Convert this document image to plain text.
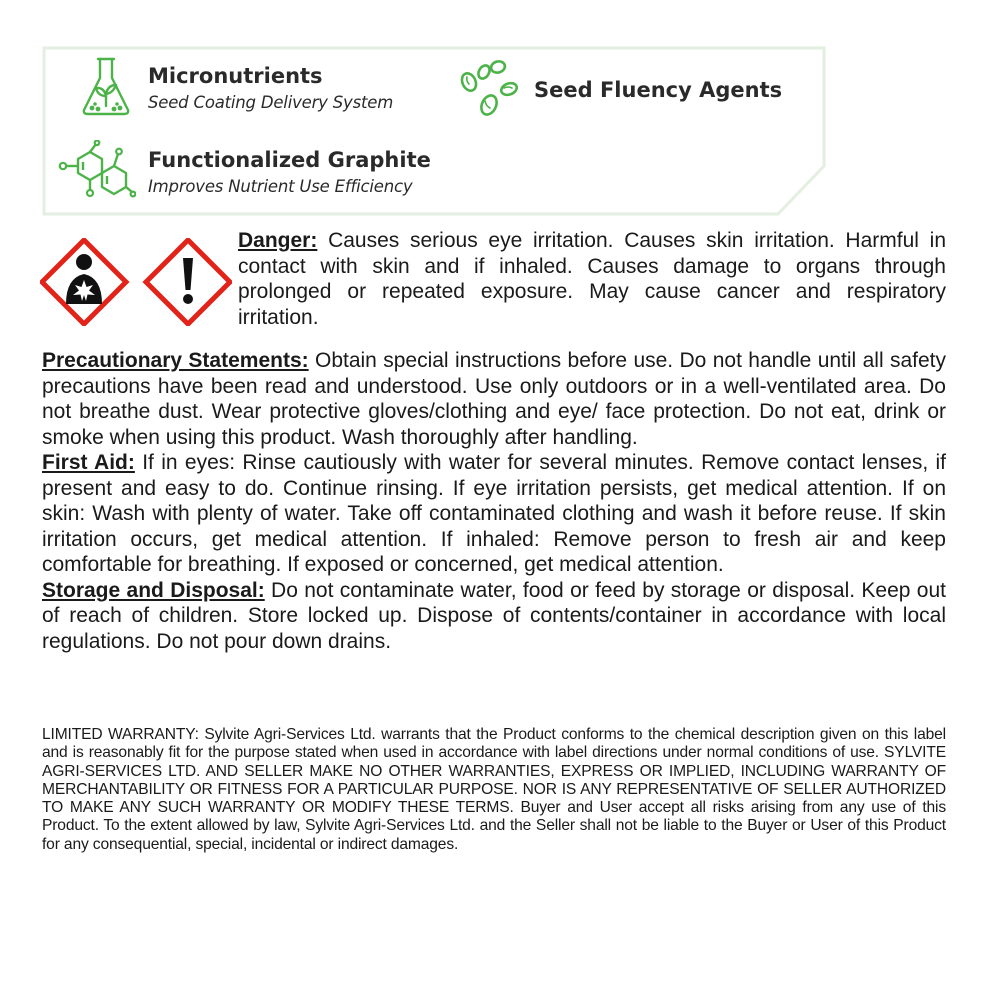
Micronutrients
Seed Coating Delivery System
Seed Fluency Agents
Functionalized Graphite
Improves Nutrient Use Efficiency

Danger: Causes serious eye irritation. Causes skin irritation. Harmful in contact with skin and if inhaled. Causes damage to organs through prolonged or repeated exposure. May cause cancer and respiratory irritation.

Precautionary Statements: Obtain special instructions before use. Do not handle until all safety precautions have been read and understood. Use only outdoors or in a well-ventilated area. Do not breathe dust. Wear protective gloves/clothing and eye/ face protection. Do not eat, drink or smoke when using this product. Wash thoroughly after handling.

First Aid: If in eyes: Rinse cautiously with water for several minutes. Remove contact lenses, if present and easy to do. Continue rinsing. If eye irritation persists, get medical attention. If on skin: Wash with plenty of water. Take off contaminated clothing and wash it before reuse. If skin irritation occurs, get medical attention. If inhaled: Remove person to fresh air and keep comfortable for breathing. If exposed or concerned, get medical attention.

Storage and Disposal: Do not contaminate water, food or feed by storage or disposal. Keep out of reach of children. Store locked up. Dispose of contents/container in accordance with local regulations. Do not pour down drains.

LIMITED WARRANTY: Sylvite Agri-Services Ltd. warrants that the Product conforms to the chemical description given on this label and is reasonably fit for the purpose stated when used in accordance with label directions under normal conditions of use. SYLVITE AGRI-SERVICES LTD. AND SELLER MAKE NO OTHER WARRANTIES, EXPRESS OR IMPLIED, INCLUDING WARRANTY OF MERCHANTABILITY OR FITNESS FOR A PARTICULAR PURPOSE. NOR IS ANY REPRESENTATIVE OF SELLER AUTHORIZED TO MAKE ANY SUCH WARRANTY OR MODIFY THESE TERMS. Buyer and User accept all risks arising from any use of this Product. To the extent allowed by law, Sylvite Agri-Services Ltd. and the Seller shall not be liable to the Buyer or User of this Product for any consequential, special, incidental or indirect damages.
